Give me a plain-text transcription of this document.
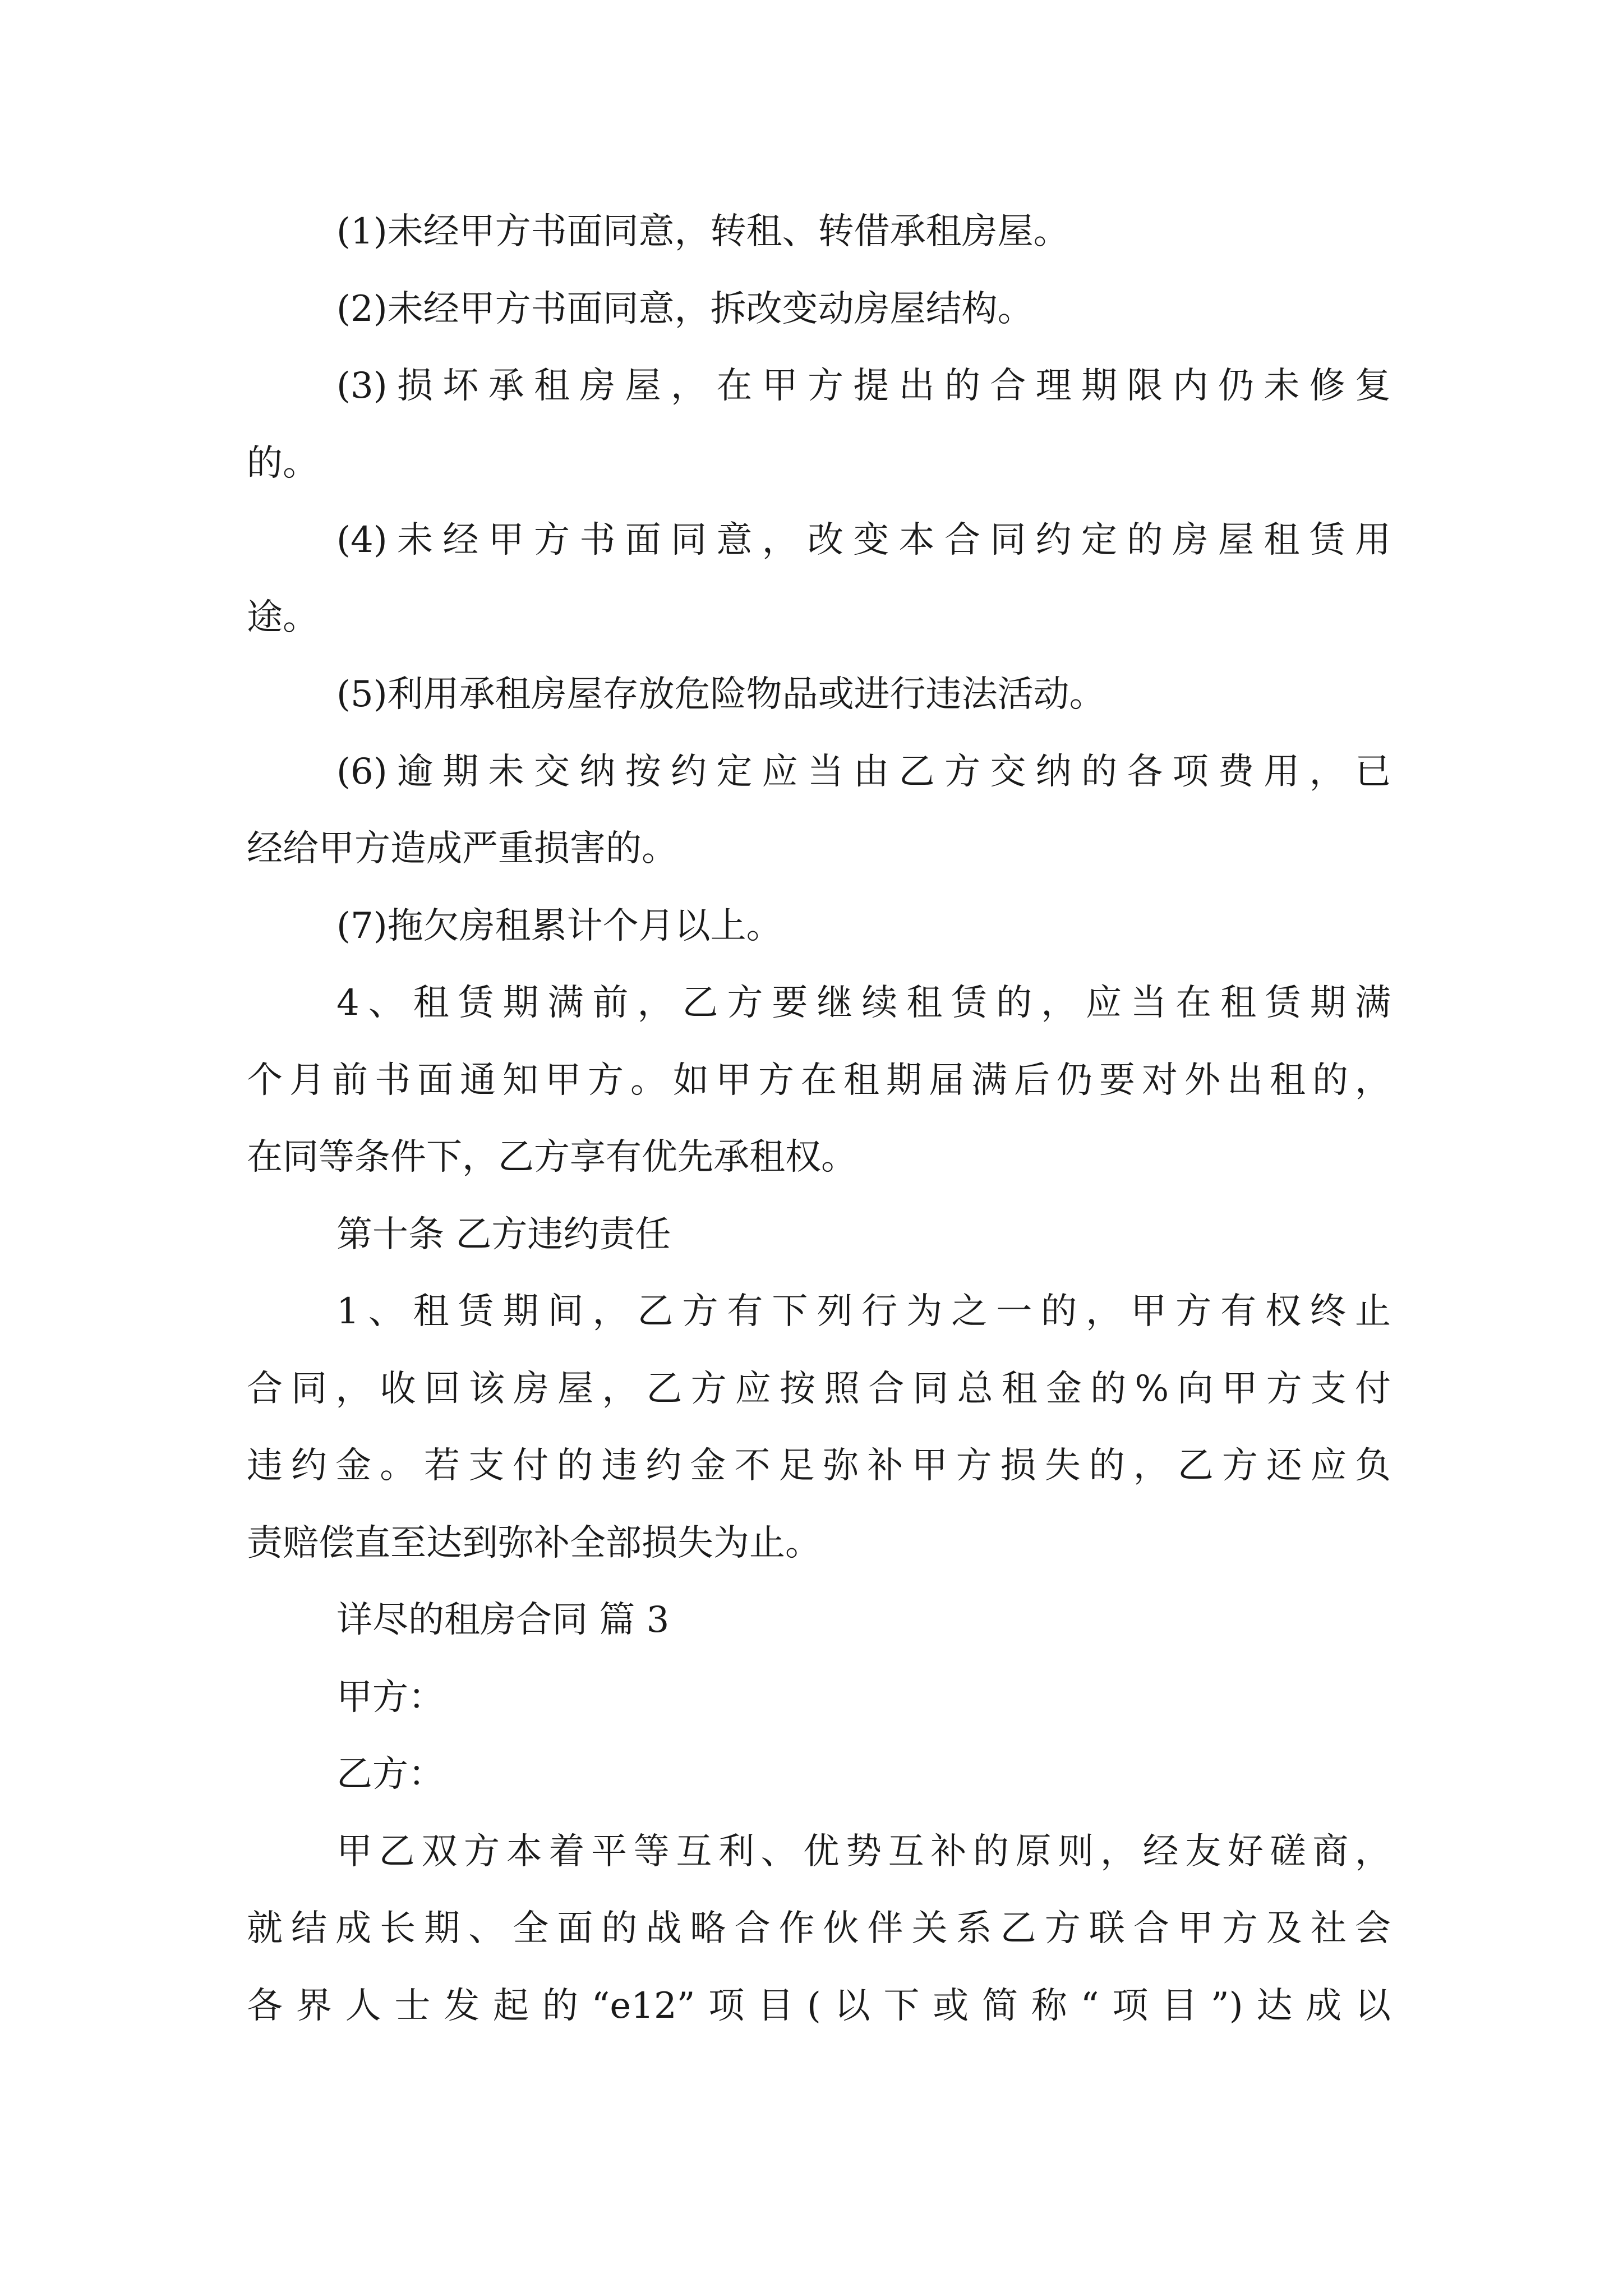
(1)未经甲方书面同意，转租、转借承租房屋。
(2)未经甲方书面同意，拆改变动房屋结构。
(3)损坏承租房屋，在甲方提出的合理期限内仍未修复
的。
(4)未经甲方书面同意，改变本合同约定的房屋租赁用
途。
(5)利用承租房屋存放危险物品或进行违法活动。
(6)逾期未交纳按约定应当由乙方交纳的各项费用，已
经给甲方造成严重损害的。
(7)拖欠房租累计个月以上。
4、租赁期满前，乙方要继续租赁的，应当在租赁期满
个月前书面通知甲方。如甲方在租期届满后仍要对外出租的，
在同等条件下，乙方享有优先承租权。
第十条 乙方违约责任
1、租赁期间，乙方有下列行为之一的，甲方有权终止
合同，收回该房屋，乙方应按照合同总租金的%向甲方支付
违约金。若支付的违约金不足弥补甲方损失的，乙方还应负
责赔偿直至达到弥补全部损失为止。
详尽的租房合同 篇 3
甲方：
乙方：
甲乙双方本着平等互利、优势互补的原则，经友好磋商，
就结成长期、全面的战略合作伙伴关系乙方联合甲方及社会
各界人士发起的“e12”项目(以下或简称“项目”)达成以
